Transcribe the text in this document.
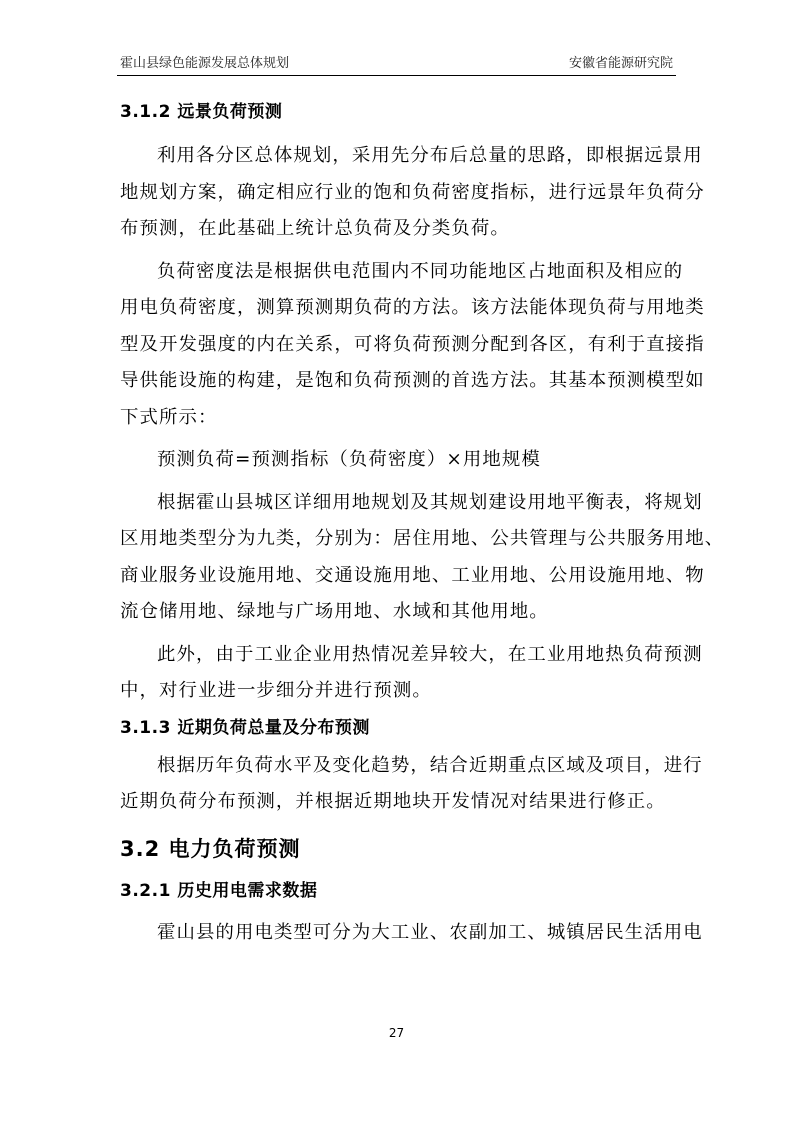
霍山县绿色能源发展总体规划	安徽省能源研究院
3.1.2 远景负荷预测
利用各分区总体规划，采用先分布后总量的思路，即根据远景用
地规划方案，确定相应行业的饱和负荷密度指标，进行远景年负荷分
布预测，在此基础上统计总负荷及分类负荷。
负荷密度法是根据供电范围内不同功能地区占地面积及相应的
用电负荷密度，测算预测期负荷的方法。该方法能体现负荷与用地类
型及开发强度的内在关系，可将负荷预测分配到各区，有利于直接指
导供能设施的构建，是饱和负荷预测的首选方法。其基本预测模型如
下式所示：
预测负荷=预测指标（负荷密度）×用地规模
根据霍山县城区详细用地规划及其规划建设用地平衡表，将规划
区用地类型分为九类，分别为：居住用地、公共管理与公共服务用地、
商业服务业设施用地、交通设施用地、工业用地、公用设施用地、物
流仓储用地、绿地与广场用地、水域和其他用地。
此外，由于工业企业用热情况差异较大，在工业用地热负荷预测
中，对行业进一步细分并进行预测。
3.1.3 近期负荷总量及分布预测
根据历年负荷水平及变化趋势，结合近期重点区域及项目，进行
近期负荷分布预测，并根据近期地块开发情况对结果进行修正。
3.2 电力负荷预测
3.2.1 历史用电需求数据
霍山县的用电类型可分为大工业、农副加工、城镇居民生活用电
27
